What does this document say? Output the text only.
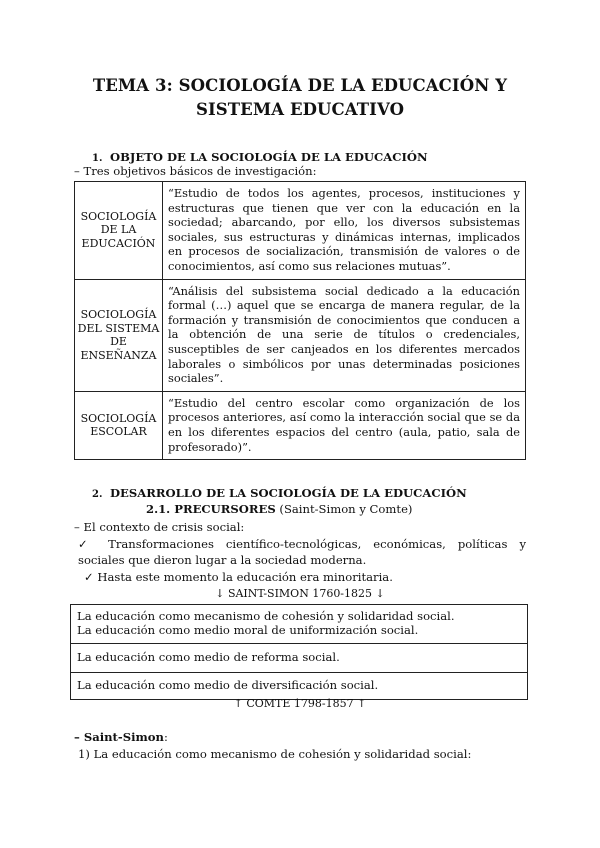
TEMA 3: SOCIOLOGÍA DE LA EDUCACIÓN Y
SISTEMA EDUCATIVO
1. OBJETO DE LA SOCIOLOGÍA DE LA EDUCACIÓN
– Tres objetivos básicos de investigación:
SOCIOLOGÍA DE LA EDUCACIÓN	“Estudio de todos los agentes, procesos, instituciones y estructuras que tienen que ver con la educación en la sociedad; abarcando, por ello, los diversos subsistemas sociales, sus estructuras y dinámicas internas, implicados en procesos de socialización, transmisión de valores o de conocimientos, así como sus relaciones mutuas”.
SOCIOLOGÍA DEL SISTEMA DE ENSEÑANZA	“Análisis del subsistema social dedicado a la educación formal (…) aquel que se encarga de manera regular, de la formación y transmisión de conocimientos que conducen a la obtención de una serie de títulos o credenciales, susceptibles de ser canjeados en los diferentes mercados laborales o simbólicos por unas determinadas posiciones sociales”.
SOCIOLOGÍA ESCOLAR	“Estudio del centro escolar como organización de los procesos anteriores, así como la interacción social que se da en los diferentes espacios del centro (aula, patio, sala de profesorado)”.
2. DESARROLLO DE LA SOCIOLOGÍA DE LA EDUCACIÓN
2.1. PRECURSORES (Saint-Simon y Comte)
– El contexto de crisis social:
✓ Transformaciones científico-tecnológicas, económicas, políticas y sociales que dieron lugar a la sociedad moderna.
✓ Hasta este momento la educación era minoritaria.
↓ SAINT-SIMON 1760-1825 ↓
La educación como mecanismo de cohesión y solidaridad social.
La educación como medio moral de uniformización social.
La educación como medio de reforma social.
La educación como medio de diversificación social.
↑ COMTE 1798-1857 ↑
– Saint-Simon:
1) La educación como mecanismo de cohesión y solidaridad social:
